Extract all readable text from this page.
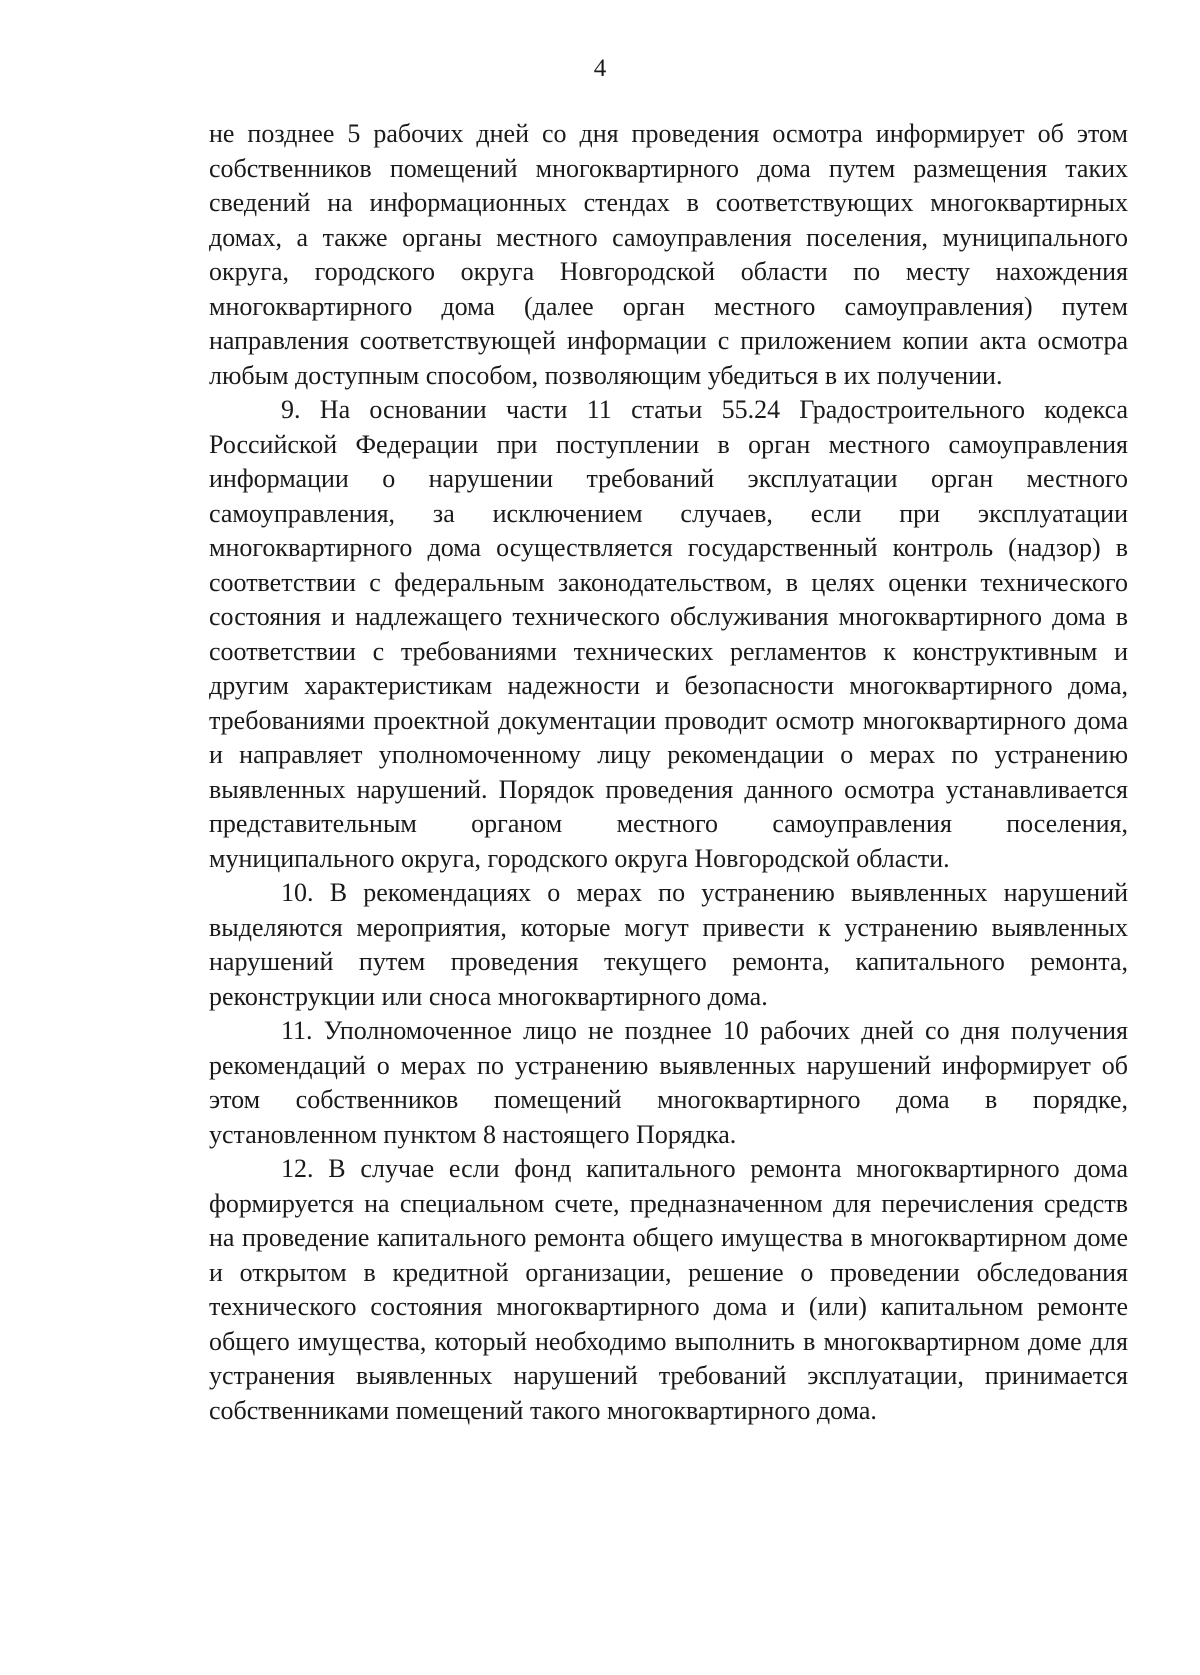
4

не позднее 5 рабочих дней со дня проведения осмотра информирует об этом собственников помещений многоквартирного дома путем размещения таких сведений на информационных стендах в соответствующих многоквартирных домах, а также органы местного самоуправления поселения, муниципального округа, городского округа Новгородской области по месту нахождения многоквартирного дома (далее орган местного самоуправления) путем направления соответствующей информации с приложением копии акта осмотра любым доступным способом, позволяющим убедиться в их получении.

9. На основании части 11 статьи 55.24 Градостроительного кодекса Российской Федерации при поступлении в орган местного самоуправления информации о нарушении требований эксплуатации орган местного самоуправления, за исключением случаев, если при эксплуатации многоквартирного дома осуществляется государственный контроль (надзор) в соответствии с федеральным законодательством, в целях оценки технического состояния и надлежащего технического обслуживания многоквартирного дома в соответствии с требованиями технических регламентов к конструктивным и другим характеристикам надежности и безопасности многоквартирного дома, требованиями проектной документации проводит осмотр многоквартирного дома и направляет уполномоченному лицу рекомендации о мерах по устранению выявленных нарушений. Порядок проведения данного осмотра устанавливается представительным органом местного самоуправления поселения, муниципального округа, городского округа Новгородской области.

10. В рекомендациях о мерах по устранению выявленных нарушений выделяются мероприятия, которые могут привести к устранению выявленных нарушений путем проведения текущего ремонта, капитального ремонта, реконструкции или сноса многоквартирного дома.

11. Уполномоченное лицо не позднее 10 рабочих дней со дня получения рекомендаций о мерах по устранению выявленных нарушений информирует об этом собственников помещений многоквартирного дома в порядке, установленном пунктом 8 настоящего Порядка.

12. В случае если фонд капитального ремонта многоквартирного дома формируется на специальном счете, предназначенном для перечисления средств на проведение капитального ремонта общего имущества в многоквартирном доме и открытом в кредитной организации, решение о проведении обследования технического состояния многоквартирного дома и (или) капитальном ремонте общего имущества, который необходимо выполнить в многоквартирном доме для устранения выявленных нарушений требований эксплуатации, принимается собственниками помещений такого многоквартирного дома.
